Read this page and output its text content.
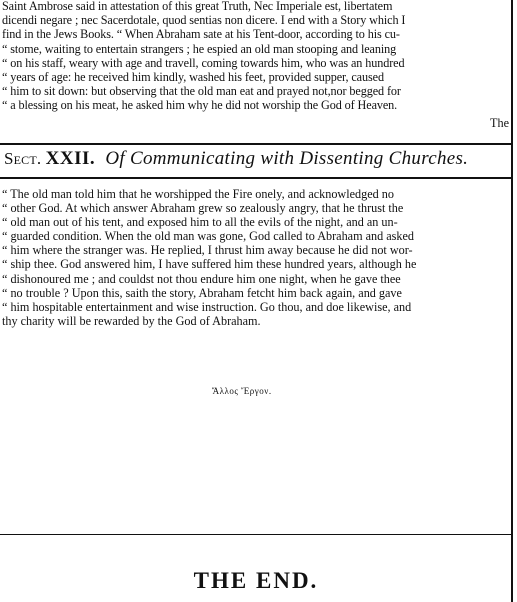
Saint Ambrose said in attestation of this great Truth, Nec Imperiale est, libertatem

dicendi negare ; nec Sacerdotale, quod sentias non dicere. I end with a Story which I

find in the Jews Books. “ When Abraham sate at his Tent-door, according to his cu-

“ stome, waiting to entertain strangers ; he espied an old man stooping and leaning

“ on his staff, weary with age and travell, coming towards him, who was an hundred

“ years of age: he received him kindly, washed his feet, provided supper, caused

“ him to sit down: but observing that the old man eat and prayed not,nor begged for

“ a blessing on his meat, he asked him why he did not worship the God of Heaven.

The
Sect. XXII. Of Communicating with Dissenting Churches.

“ The old man told him that he worshipped the Fire onely, and acknowledged no

“ other God. At which answer Abraham grew so zealously angry, that he thrust the

“ old man out of his tent, and exposed him to all the evils of the night, and an un-

“ guarded condition. When the old man was gone, God called to Abraham and asked

“ him where the stranger was. He replied, I thrust him away because he did not wor-

“ ship thee. God answered him, I have suffered him these hundred years, although he

“ dishonoured me ; and couldst not thou endure him one night, when he gave thee

“ no trouble ? Upon this, saith the story, Abraham fetcht him back again, and gave

“ him hospitable entertainment and wise instruction. Go thou, and doe likewise, and

thy charity will be rewarded by the God of Abraham.

Ἄλλος Ἔργον.
THE END.
